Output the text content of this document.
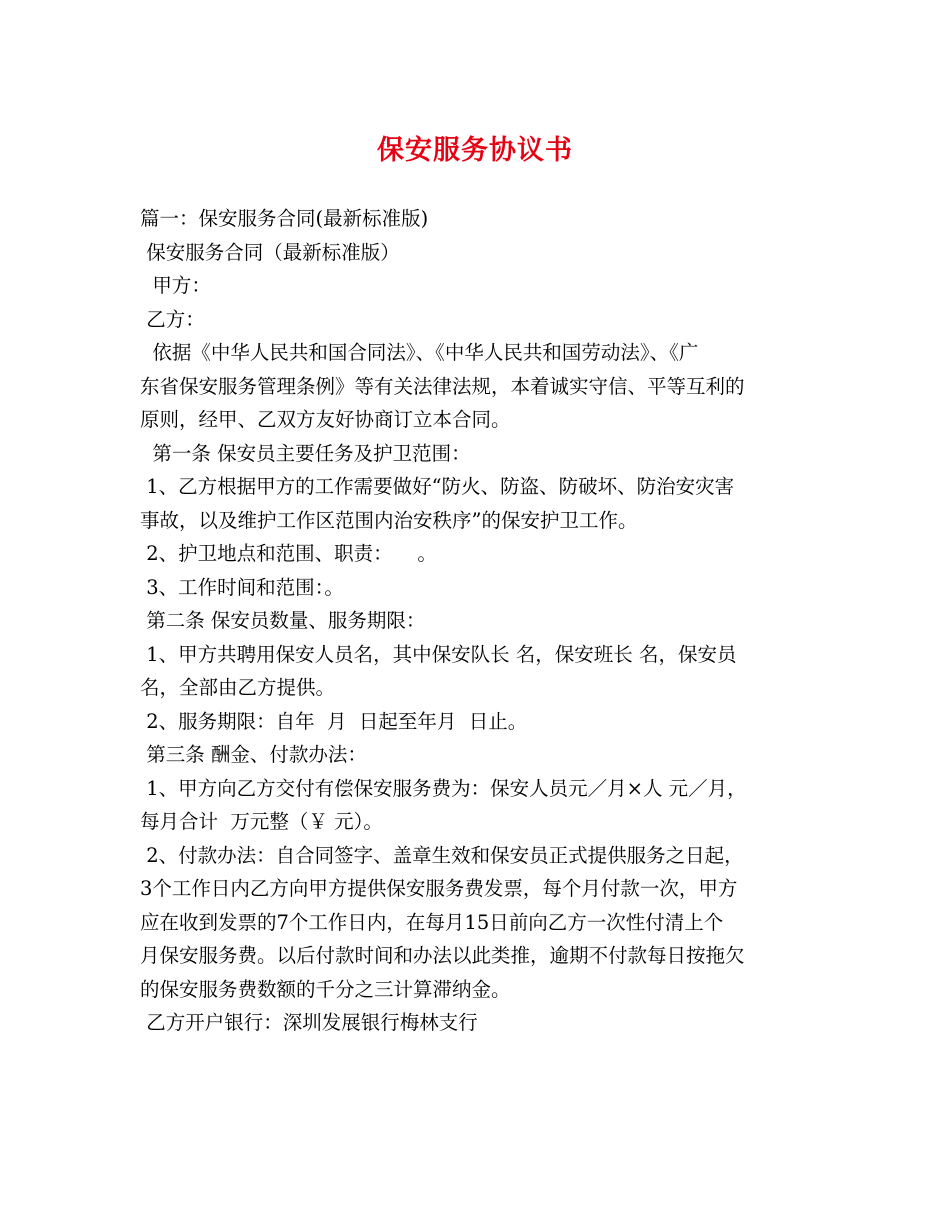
保安服务协议书

篇一：保安服务合同(最新标准版)

保安服务合同（最新标准版）

甲方：

乙方：

依据《中华人民共和国合同法》、《中华人民共和国劳动法》、《广

东省保安服务管理条例》等有关法律法规，本着诚实守信、平等互利的

原则，经甲、乙双方友好协商订立本合同。

第一条 保安员主要任务及护卫范围：

1、乙方根据甲方的工作需要做好“防火、防盗、防破坏、防治安灾害

事故，以及维护工作区范围内治安秩序”的保安护卫工作。

2、护卫地点和范围、职责：    。

3、工作时间和范围：。

第二条 保安员数量、服务期限：

1、甲方共聘用保安人员名，其中保安队长 名，保安班长 名，保安员

名，全部由乙方提供。

2、服务期限：自年  月  日起至年月  日止。

第三条 酬金、付款办法：

1、甲方向乙方交付有偿保安服务费为：保安人员元／月×人 元／月，

每月合计  万元整（￥ 元）。

2、付款办法：自合同签字、盖章生效和保安员正式提供服务之日起，

3个工作日内乙方向甲方提供保安服务费发票，每个月付款一次，甲方

应在收到发票的7个工作日内，在每月15日前向乙方一次性付清上个

月保安服务费。以后付款时间和办法以此类推，逾期不付款每日按拖欠

的保安服务费数额的千分之三计算滞纳金。

乙方开户银行：深圳发展银行梅林支行
